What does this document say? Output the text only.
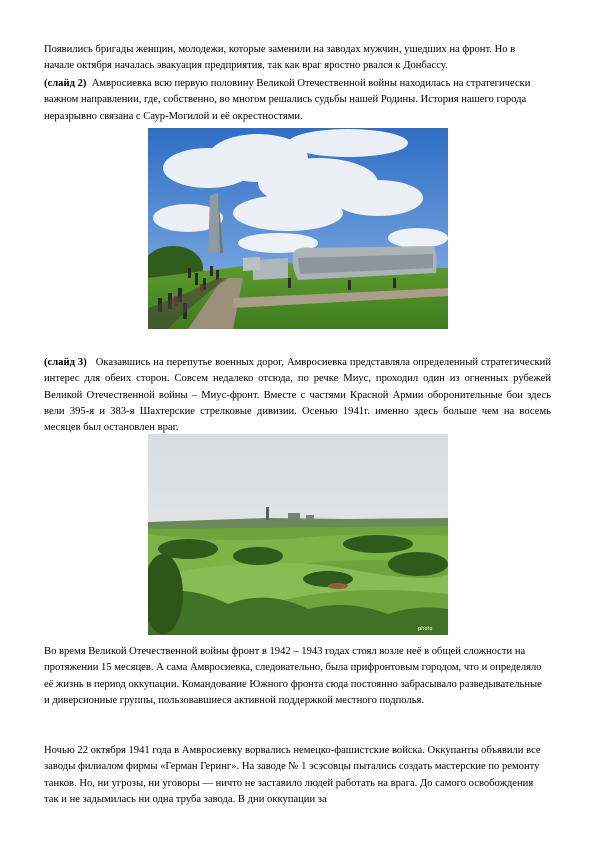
Появились бригады женщин, молодежи, которые заменили на заводах мужчин, ушедших на фронт. Но в начале октября началась эвакуация предприятия, так как враг яростно рвался к Донбассу.

(слайд 2) Амвросиевка всю первую половину Великой Отечественной войны находилась на стратегически важном направлении, где, собственно, во многом решались судьбы нашей Родины. История нашего города неразрывно связана с Саур-Могилой и её окрестностями.

(слайд 3) Оказавшись на перепутье военных дорог, Амвросиевка представляла определенный стратегический интерес для обеих сторон. Совсем недалеко отсюда, по речке Миус, проходил один из огненных рубежей Великой Отечественной войны – Миус-фронт. Вместе с частями Красной Армии оборонительные бои здесь вели 395-я и 383-я Шахтерские стрелковые дивизии. Осенью 1941г. именно здесь больше чем на восемь месяцев был остановлен враг.

photo

Во время Великой Отечественной войны фронт в 1942 – 1943 годах стоял возле неё в общей сложности на протяжении 15 месяцев. А сама Амвросиевка, следовательно, была прифронтовым городом, что и определяло её жизнь в период оккупации. Командование Южного фронта сюда постоянно забрасывало разведывательные и диверсионные группы, пользовавшиеся активной поддержкой местного подполья.

Ночью 22 октября 1941 года в Амвросиевку ворвались немецко-фашистские войска. Оккупанты объявили все заводы филиалом фирмы «Герман Геринг». На заводе № 1 эсэсовцы пытались создать мастерские по ремонту танков. Но, ни угрозы, ни уговоры — ничто не заставило людей работать на врага. До самого освобождения так и не задымилась ни одна труба завода. В дни оккупации за
